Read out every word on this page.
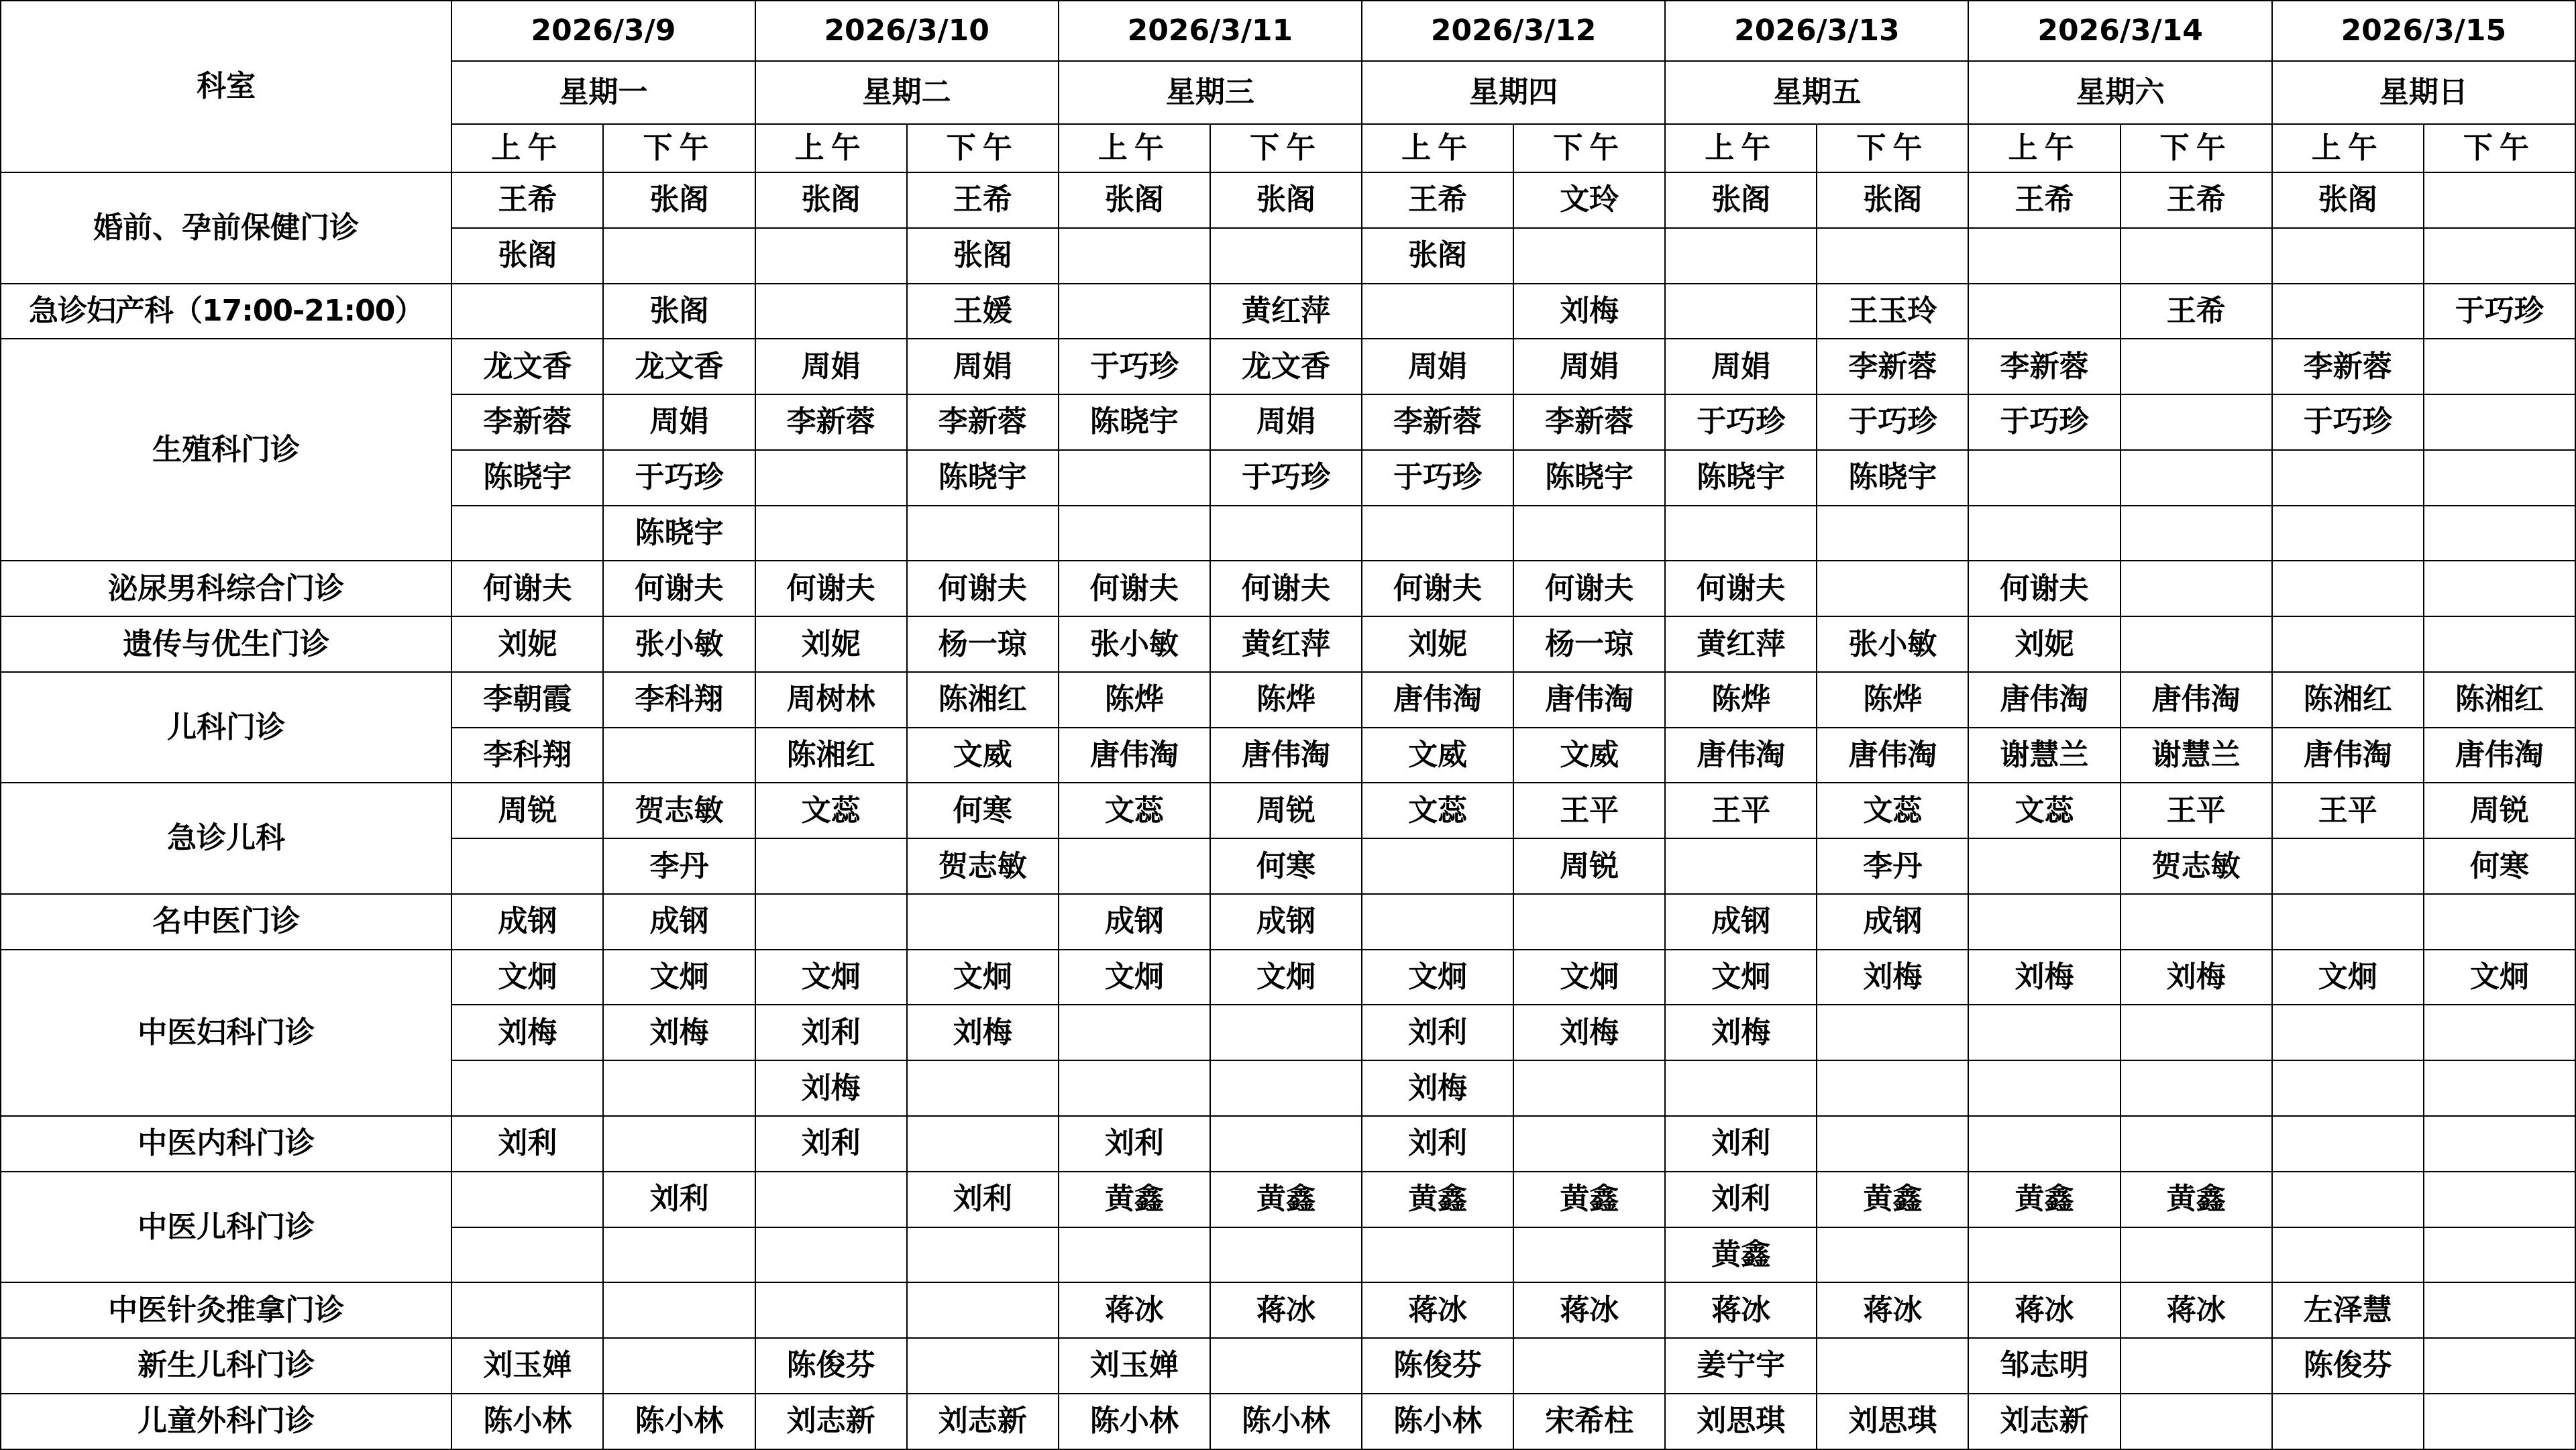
科室	2026/3/9		2026/3/10		2026/3/11		2026/3/12		2026/3/13		2026/3/14		2026/3/15	
	星期一		星期二		星期三		星期四		星期五		星期六		星期日	
	上午	下午	上午	下午	上午	下午	上午	下午	上午	下午	上午	下午	上午	下午
婚前、孕前保健门诊	王希	张阁	张阁	王希	张阁	张阁	王希	文玲	张阁	张阁	王希	王希	张阁	
	张阁			张阁			张阁							
急诊妇产科（17:00-21:00）		张阁		王媛		黄红萍		刘梅		王玉玲		王希		于巧珍
生殖科门诊	龙文香	龙文香	周娟	周娟	于巧珍	龙文香	周娟	周娟	周娟	李新蓉	李新蓉		李新蓉	
	李新蓉	周娟	李新蓉	李新蓉	陈晓宇	周娟	李新蓉	李新蓉	于巧珍	于巧珍	于巧珍		于巧珍	
	陈晓宇	于巧珍		陈晓宇		于巧珍	于巧珍	陈晓宇	陈晓宇	陈晓宇				
		陈晓宇												
泌尿男科综合门诊	何谢夫	何谢夫	何谢夫	何谢夫	何谢夫	何谢夫	何谢夫	何谢夫	何谢夫		何谢夫			
遗传与优生门诊	刘妮	张小敏	刘妮	杨一琼	张小敏	黄红萍	刘妮	杨一琼	黄红萍	张小敏	刘妮			
儿科门诊	李朝霞	李科翔	周树林	陈湘红	陈烨	陈烨	唐伟淘	唐伟淘	陈烨	陈烨	唐伟淘	唐伟淘	陈湘红	陈湘红
	李科翔		陈湘红	文威	唐伟淘	唐伟淘	文威	文威	唐伟淘	唐伟淘	谢慧兰	谢慧兰	唐伟淘	唐伟淘
急诊儿科	周锐	贺志敏	文蕊	何寒	文蕊	周锐	文蕊	王平	王平	文蕊	文蕊	王平	王平	周锐
		李丹		贺志敏		何寒		周锐		李丹		贺志敏		何寒
名中医门诊	成钢	成钢			成钢	成钢			成钢	成钢				
中医妇科门诊	文炯	文炯	文炯	文炯	文炯	文炯	文炯	文炯	文炯	刘梅	刘梅	刘梅	文炯	文炯
	刘梅	刘梅	刘利	刘梅			刘利	刘梅	刘梅					
			刘梅				刘梅							
中医内科门诊	刘利		刘利		刘利		刘利		刘利					
中医儿科门诊		刘利		刘利	黄鑫	黄鑫	黄鑫	黄鑫	刘利	黄鑫	黄鑫	黄鑫		
									黄鑫					
中医针灸推拿门诊					蒋冰	蒋冰	蒋冰	蒋冰	蒋冰	蒋冰	蒋冰	蒋冰	左泽慧	
新生儿科门诊	刘玉婵		陈俊芬		刘玉婵		陈俊芬		姜宁宇		邹志明		陈俊芬	
儿童外科门诊	陈小林	陈小林	刘志新	刘志新	陈小林	陈小林	陈小林	宋希柱	刘思琪	刘思琪	刘志新			
